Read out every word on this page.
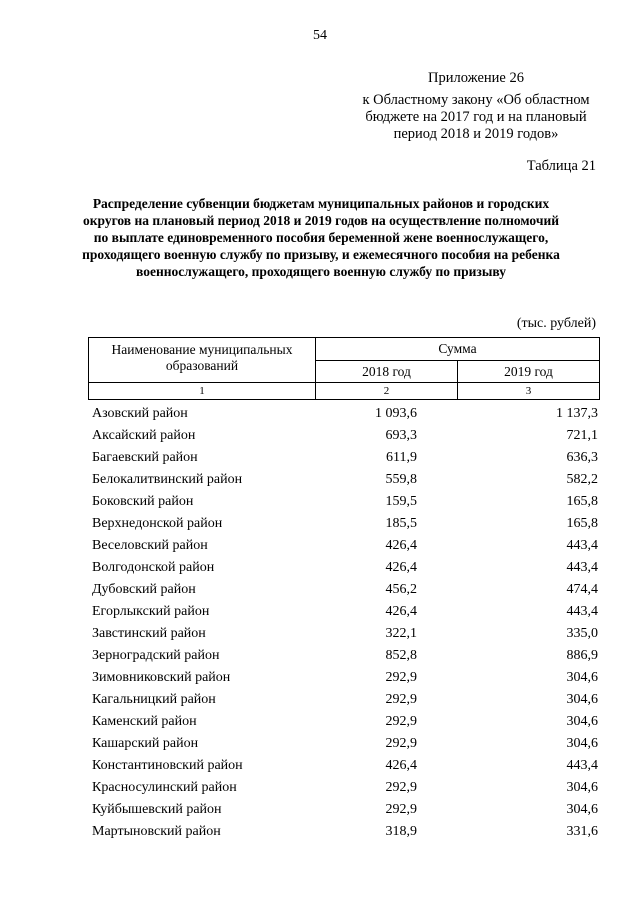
54
Приложение 26
к Областному закону «Об областном бюджете на 2017 год и на плановый период 2018 и 2019 годов»
Таблица 21
Распределение субвенции бюджетам муниципальных районов и городских округов на плановый период 2018 и 2019 годов на осуществление полномочий по выплате единовременного пособия беременной жене военнослужащего, проходящего военную службу по призыву, и ежемесячного пособия на ребенка военнослужащего, проходящего военную службу по призыву
(тыс. рублей)
Наименование муниципальных образований	Сумма	
	2018 год	2019 год
1	2	3
Азовский район	1 093,6	1 137,3
Аксайский район	693,3	721,1
Багаевский район	611,9	636,3
Белокалитвинский район	559,8	582,2
Боковский район	159,5	165,8
Верхнедонской район	185,5	165,8
Веселовский район	426,4	443,4
Волгодонской район	426,4	443,4
Дубовский район	456,2	474,4
Егорлыкский район	426,4	443,4
Завстинский район	322,1	335,0
Зерноградский район	852,8	886,9
Зимовниковский район	292,9	304,6
Кагальницкий район	292,9	304,6
Каменский район	292,9	304,6
Кашарский район	292,9	304,6
Константиновский район	426,4	443,4
Красносулинский район	292,9	304,6
Куйбышевский район	292,9	304,6
Мартыновский район	318,9	331,6
